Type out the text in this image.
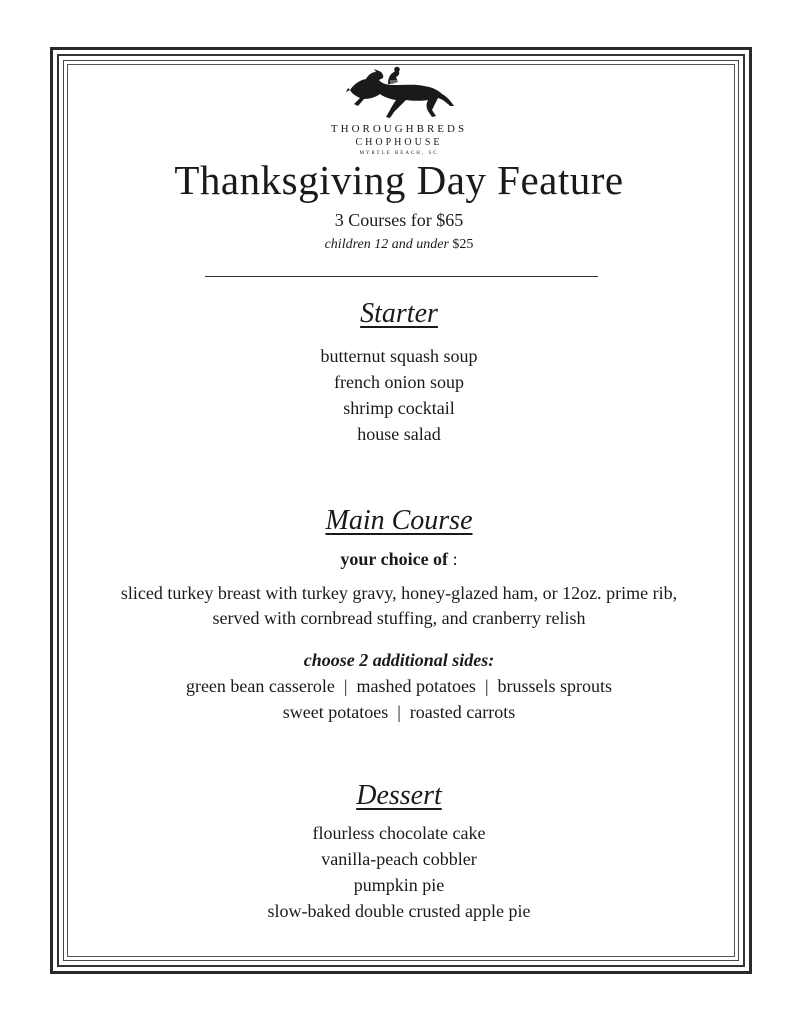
THOROUGHBREDS
CHOPHOUSE
MYRTLE BEACH, SC
Thanksgiving Day Feature
3 Courses for $65
children 12 and under $25
Starter
butternut squash soup
french onion soup
shrimp cocktail
house salad
Main Course
your choice of :
sliced turkey breast with turkey gravy, honey-glazed ham, or 12oz. prime rib,
served with cornbread stuffing, and cranberry relish
choose 2 additional sides:
green bean casserole  |  mashed potatoes  |  brussels sprouts
sweet potatoes  |  roasted carrots
Dessert
flourless chocolate cake
vanilla-peach cobbler
pumpkin pie
slow-baked double crusted apple pie
